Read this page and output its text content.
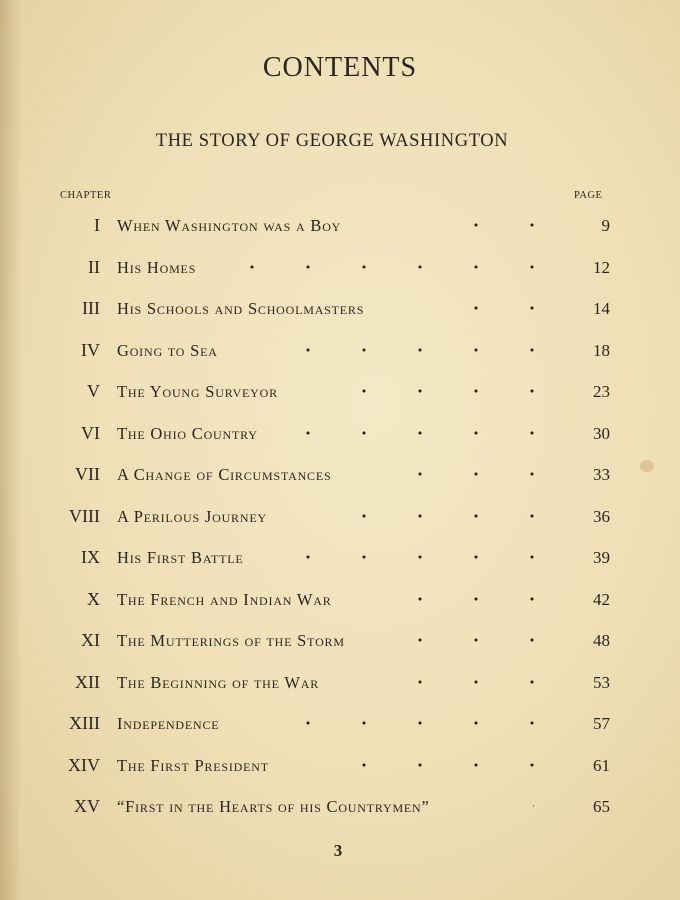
CONTENTS
THE STORY OF GEORGE WASHINGTON
CHAPTER	PAGE
I When Washington was a Boy	9
II His Homes	12
III His Schools and Schoolmasters	14
IV Going to Sea	18
V The Young Surveyor	23
VI The Ohio Country	30
VII A Change of Circumstances	33
VIII A Perilous Journey	36
IX His First Battle	39
X The French and Indian War	42
XI The Mutterings of the Storm	48
XII The Beginning of the War	53
XIII Independence	57
XIV The First President	61
XV “First in the Hearts of his Countrymen”	65
3
